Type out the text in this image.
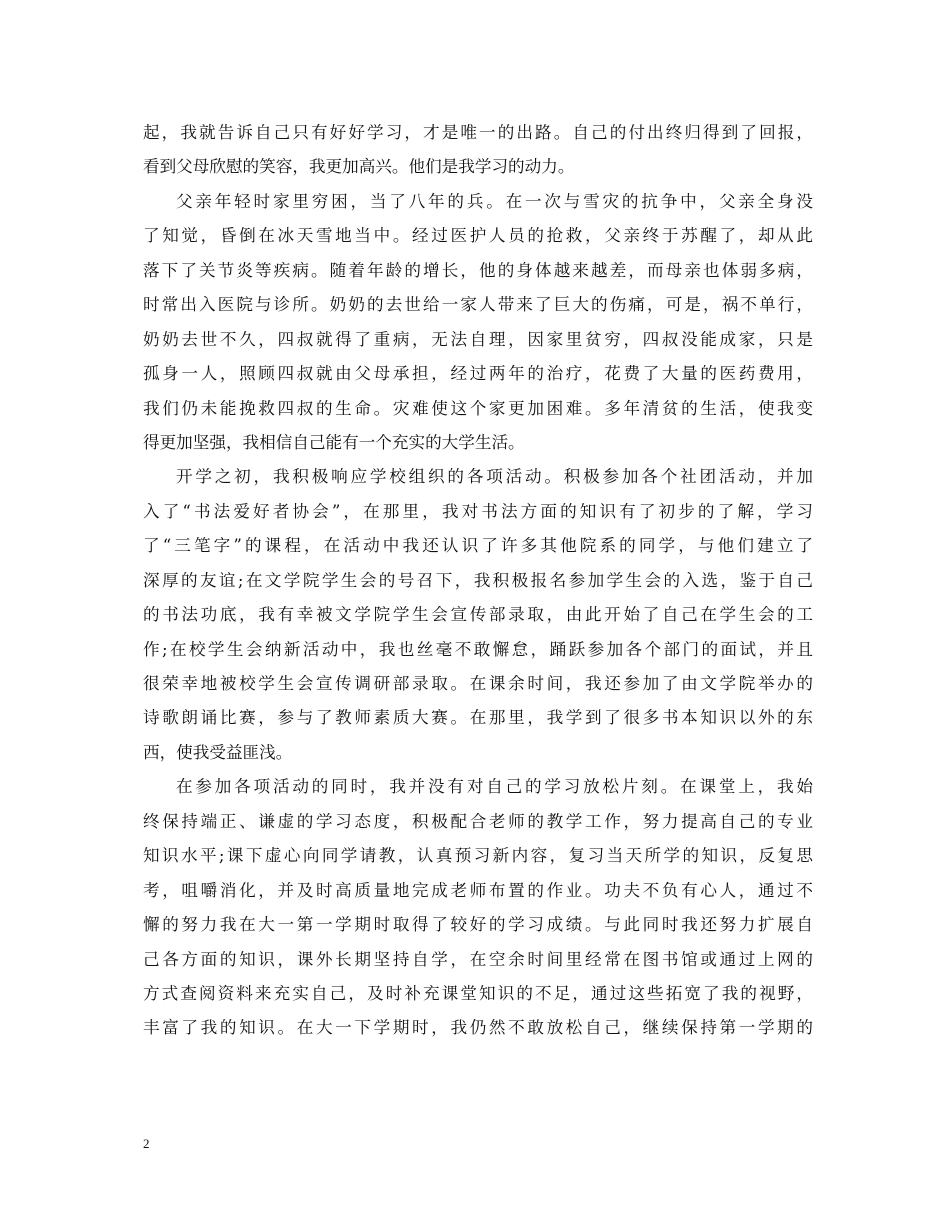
起，我就告诉自己只有好好学习，才是唯一的出路。自己的付出终归得到了回报，
看到父母欣慰的笑容，我更加高兴。他们是我学习的动力。
父亲年轻时家里穷困，当了八年的兵。在一次与雪灾的抗争中，父亲全身没
了知觉，昏倒在冰天雪地当中。经过医护人员的抢救，父亲终于苏醒了，却从此
落下了关节炎等疾病。随着年龄的增长，他的身体越来越差，而母亲也体弱多病，
时常出入医院与诊所。奶奶的去世给一家人带来了巨大的伤痛，可是，祸不单行，
奶奶去世不久，四叔就得了重病，无法自理，因家里贫穷，四叔没能成家，只是
孤身一人，照顾四叔就由父母承担，经过两年的治疗，花费了大量的医药费用，
我们仍未能挽救四叔的生命。灾难使这个家更加困难。多年清贫的生活，使我变
得更加坚强，我相信自己能有一个充实的大学生活。
开学之初，我积极响应学校组织的各项活动。积极参加各个社团活动，并加
入了“书法爱好者协会”，在那里，我对书法方面的知识有了初步的了解，学习
了“三笔字”的课程，在活动中我还认识了许多其他院系的同学，与他们建立了
深厚的友谊;在文学院学生会的号召下，我积极报名参加学生会的入选，鉴于自己
的书法功底，我有幸被文学院学生会宣传部录取，由此开始了自己在学生会的工
作;在校学生会纳新活动中，我也丝毫不敢懈怠，踊跃参加各个部门的面试，并且
很荣幸地被校学生会宣传调研部录取。在课余时间，我还参加了由文学院举办的
诗歌朗诵比赛，参与了教师素质大赛。在那里，我学到了很多书本知识以外的东
西，使我受益匪浅。
在参加各项活动的同时，我并没有对自己的学习放松片刻。在课堂上，我始
终保持端正、谦虚的学习态度，积极配合老师的教学工作，努力提高自己的专业
知识水平;课下虚心向同学请教，认真预习新内容，复习当天所学的知识，反复思
考，咀嚼消化，并及时高质量地完成老师布置的作业。功夫不负有心人，通过不
懈的努力我在大一第一学期时取得了较好的学习成绩。与此同时我还努力扩展自
己各方面的知识，课外长期坚持自学，在空余时间里经常在图书馆或通过上网的
方式查阅资料来充实自己，及时补充课堂知识的不足，通过这些拓宽了我的视野，
丰富了我的知识。在大一下学期时，我仍然不敢放松自己，继续保持第一学期的
2
